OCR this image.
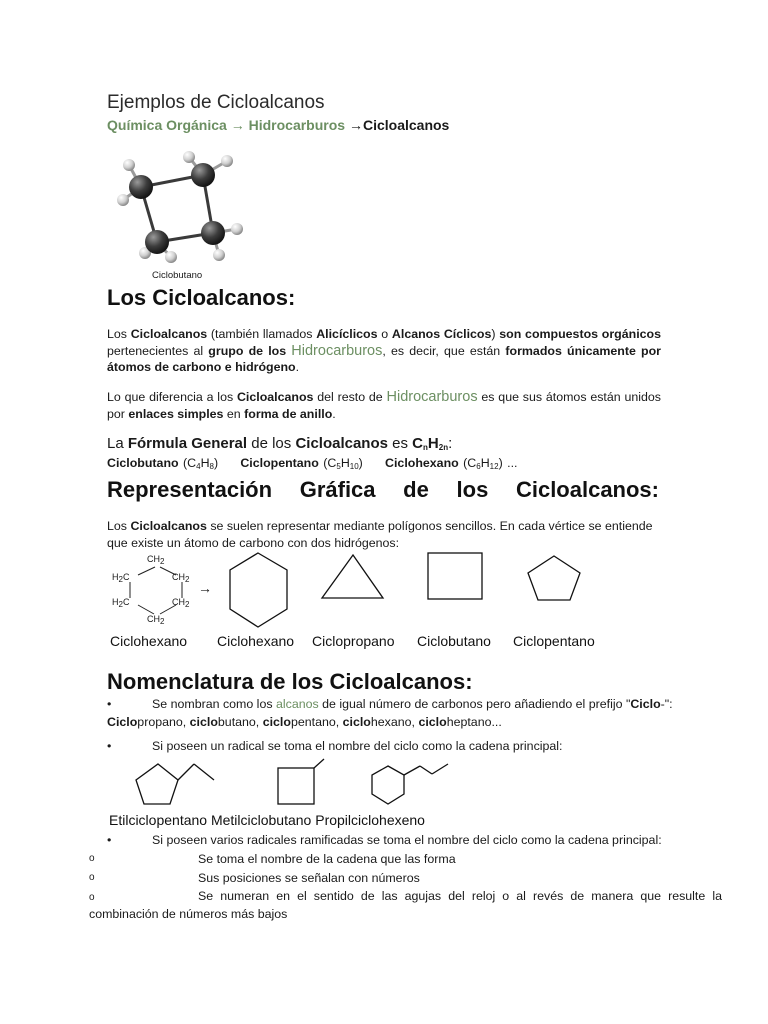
Ejemplos de Cicloalcanos
Química Orgánica → Hidrocarburos →Cicloalcanos
Ciclobutano
Los Cicloalcanos:
Los Cicloalcanos (también llamados Alicíclicos o Alcanos Cíclicos) son compuestos orgánicos pertenecientes al grupo de los Hidrocarburos, es decir, que están formados únicamente por átomos de carbono e hidrógeno.
Lo que diferencia a los Cicloalcanos del resto de Hidrocarburos es que sus átomos están unidos por enlaces simples en forma de anillo.
La Fórmula General de los Cicloalcanos es $C_nH_{2n}$:
Ciclobutano $(C_4H_8)$ Ciclopentano $(C_5H_{10})$ Ciclohexano $(C_6H_{12})$ ...
Representación Gráfica de los Cicloalcanos:
Los Cicloalcanos se suelen representar mediante polígonos sencillos. En cada vértice se entiende que existe un átomo de carbono con dos hidrógenos:
$CH_2$
$H_2C$	$CH_2$
$H_2C$	$CH_2$
$CH_2$
→
Ciclohexano Ciclohexano Ciclopropano Ciclobutano Ciclopentano
Nomenclatura de los Cicloalcanos:
•	Se nombran como los alcanos de igual número de carbonos pero añadiendo el prefijo "Ciclo-":
Ciclopropano, ciclobutano, ciclopentano, ciclohexano, cicloheptano...
•	Si poseen un radical se toma el nombre del ciclo como la cadena principal:
Etilciclopentano Metilciclobutano Propilciclohexeno
•	Si poseen varios radicales ramificadas se toma el nombre del ciclo como la cadena principal:
o	Se toma el nombre de la cadena que las forma
o	Sus posiciones se señalan con números
o	Se numeran en el sentido de las agujas del reloj o al revés de manera que resulte la combinación de números más bajos
